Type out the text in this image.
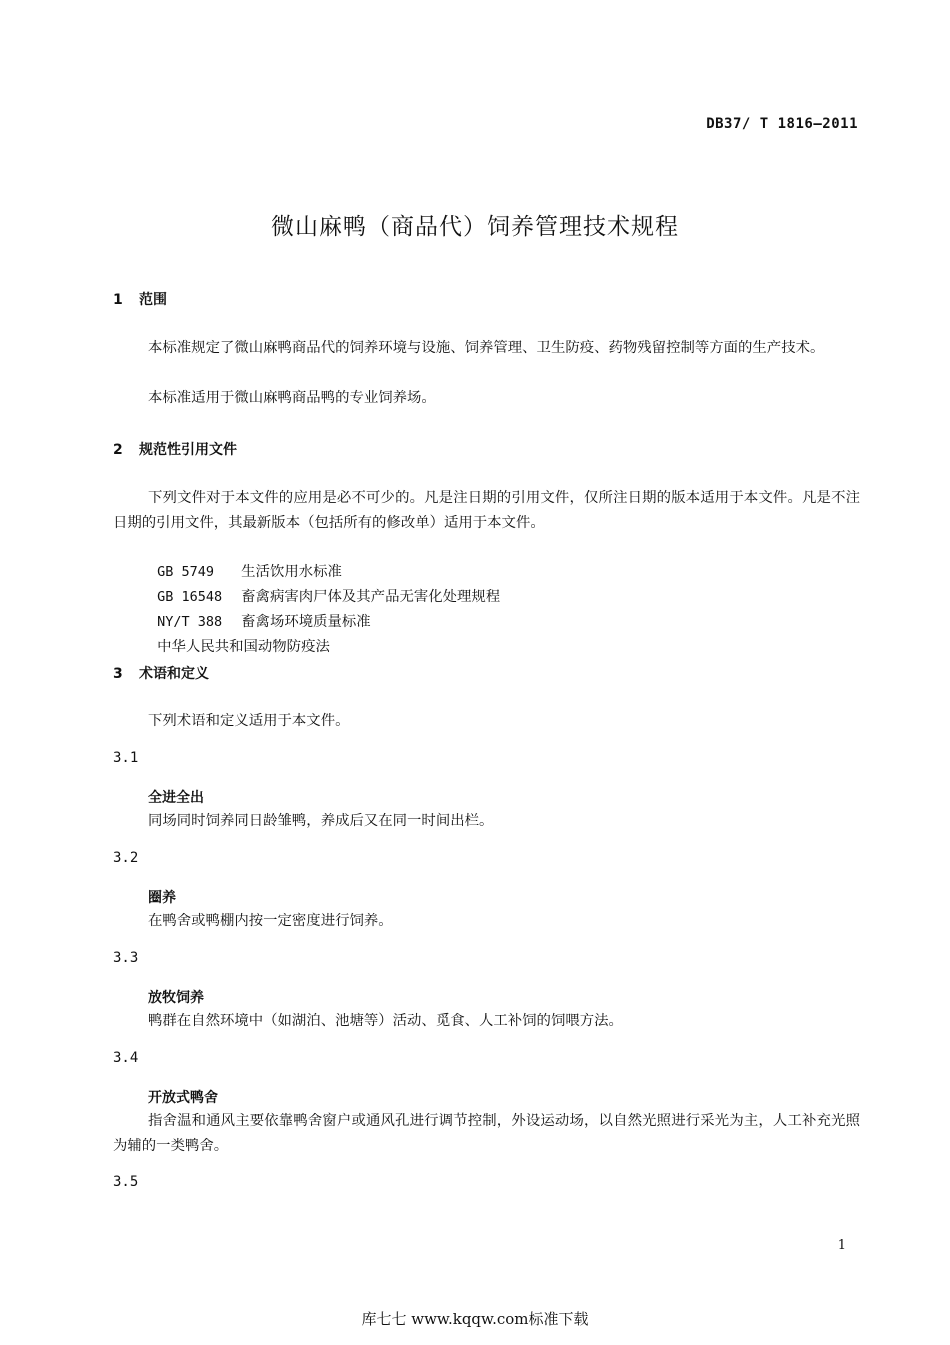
DB37/ T 1816—2011
微山麻鸭（商品代）饲养管理技术规程
1 范围

本标准规定了微山麻鸭商品代的饲养环境与设施、饲养管理、卫生防疫、药物残留控制等方面的生产技术。

本标准适用于微山麻鸭商品鸭的专业饲养场。

2 规范性引用文件

下列文件对于本文件的应用是必不可少的。凡是注日期的引用文件，仅所注日期的版本适用于本文件。凡是不注日期的引用文件，其最新版本（包括所有的修改单）适用于本文件。

GB 5749 生活饮用水标准

GB 16548 畜禽病害肉尸体及其产品无害化处理规程

NY/T 388 畜禽场环境质量标准

中华人民共和国动物防疫法

3 术语和定义

下列术语和定义适用于本文件。

3.1
全进全出

同场同时饲养同日龄雏鸭，养成后又在同一时间出栏。

3.2
圈养

在鸭舍或鸭棚内按一定密度进行饲养。

3.3
放牧饲养

鸭群在自然环境中（如湖泊、池塘等）活动、觅食、人工补饲的饲喂方法。

3.4
开放式鸭舍

指舍温和通风主要依靠鸭舍窗户或通风孔进行调节控制，外设运动场，以自然光照进行采光为主，人工补充光照为辅的一类鸭舍。

3.5
1
库七七 www.kqqw.com标准下载
